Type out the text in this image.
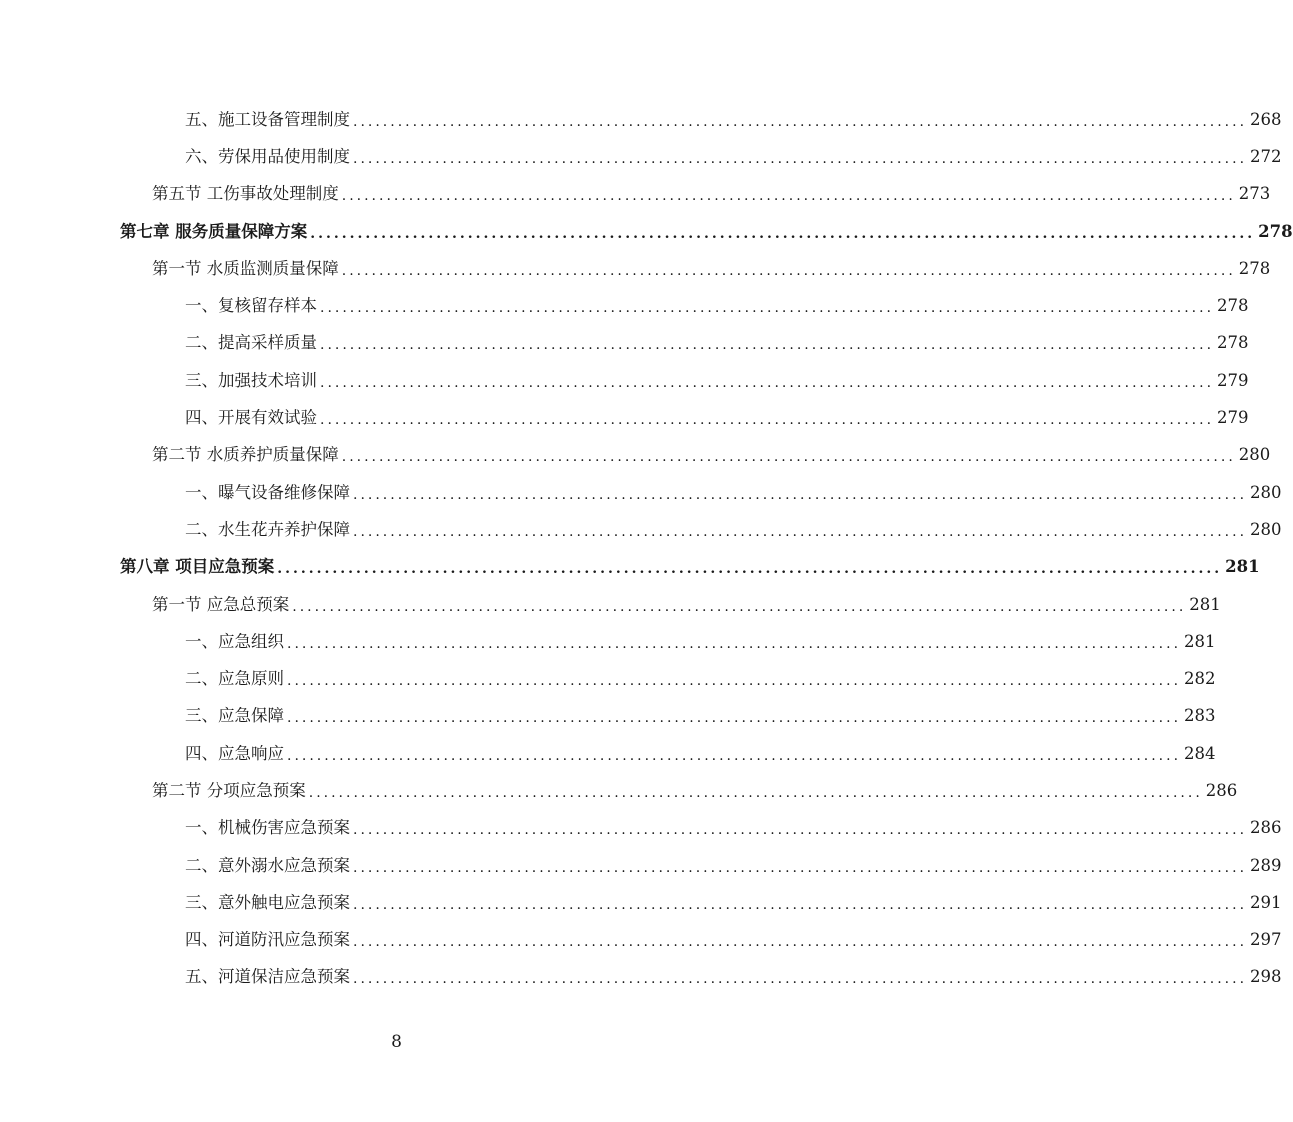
五、施工设备管理制度 ........................................................................................................................ 268
六、劳保用品使用制度 ........................................................................................................................ 272
第五节 工伤事故处理制度 ........................................................................................................................ 273
第七章 服务质量保障方案 ........................................................................................................................ 278
第一节 水质监测质量保障 ........................................................................................................................ 278
一、复核留存样本 ........................................................................................................................ 278
二、提高采样质量 ........................................................................................................................ 278
三、加强技术培训 ........................................................................................................................ 279
四、开展有效试验 ........................................................................................................................ 279
第二节 水质养护质量保障 ........................................................................................................................ 280
一、曝气设备维修保障 ........................................................................................................................ 280
二、水生花卉养护保障 ........................................................................................................................ 280
第八章 项目应急预案 ........................................................................................................................ 281
第一节 应急总预案 ........................................................................................................................ 281
一、应急组织 ........................................................................................................................ 281
二、应急原则 ........................................................................................................................ 282
三、应急保障 ........................................................................................................................ 283
四、应急响应 ........................................................................................................................ 284
第二节 分项应急预案 ........................................................................................................................ 286
一、机械伤害应急预案 ........................................................................................................................ 286
二、意外溺水应急预案 ........................................................................................................................ 289
三、意外触电应急预案 ........................................................................................................................ 291
四、河道防汛应急预案 ........................................................................................................................ 297
五、河道保洁应急预案 ........................................................................................................................ 298
8
